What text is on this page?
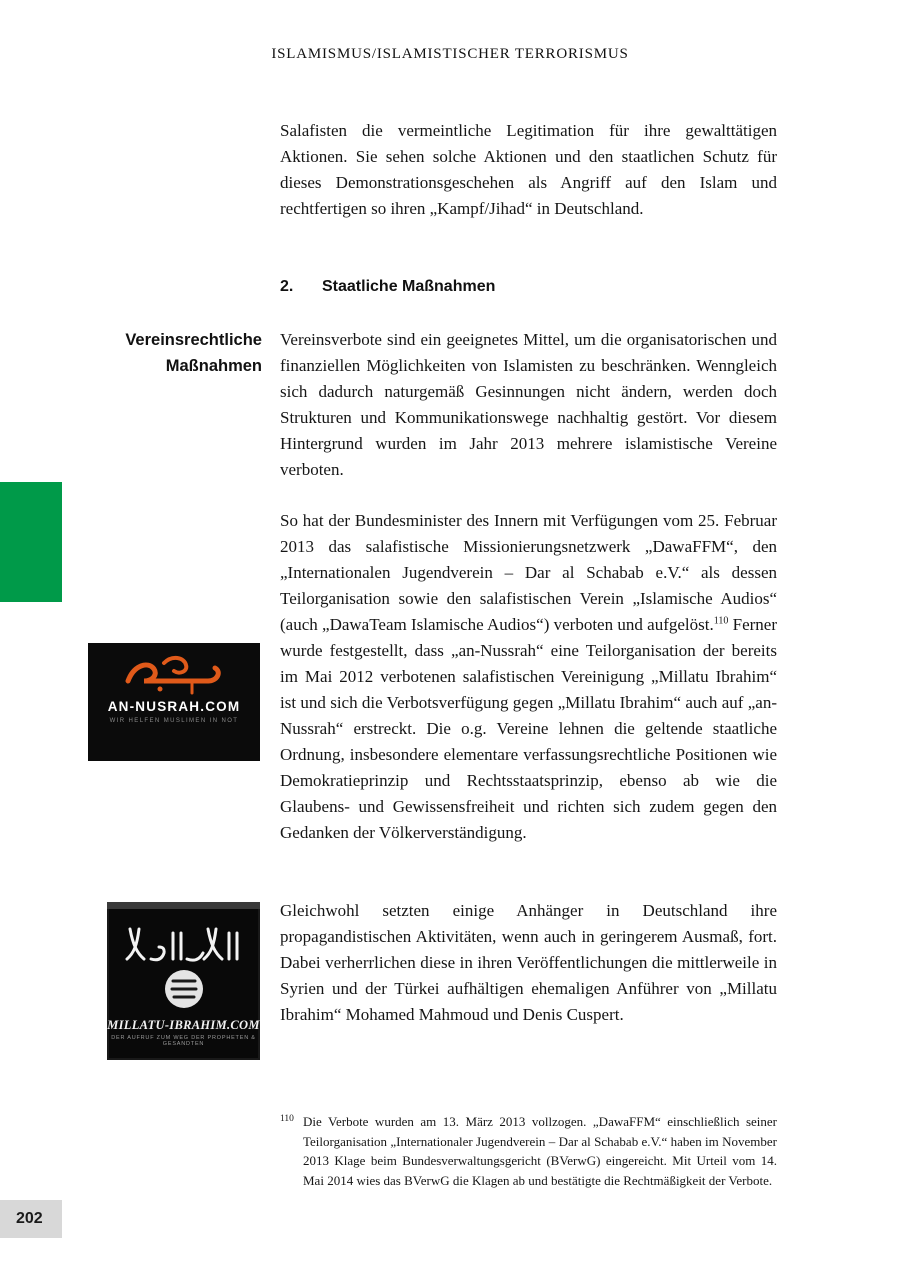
ISLAMISMUS/ISLAMISTISCHER TERRORISMUS
Salafisten die vermeintliche Legitimation für ihre gewalttätigen Aktionen. Sie sehen solche Aktionen und den staatlichen Schutz für dieses Demonstrationsgeschehen als Angriff auf den Islam und rechtfertigen so ihren „Kampf/Jihad“ in Deutschland.
2. Staatliche Maßnahmen
Vereinsrechtliche
Maßnahmen
Vereinsverbote sind ein geeignetes Mittel, um die organisatorischen und finanziellen Möglichkeiten von Islamisten zu beschränken. Wenngleich sich dadurch naturgemäß Gesinnungen nicht ändern, werden doch Strukturen und Kommunikationswege nachhaltig gestört. Vor diesem Hintergrund wurden im Jahr 2013 mehrere islamistische Vereine verboten.
So hat der Bundesminister des Innern mit Verfügungen vom 25. Februar 2013 das salafistische Missionierungsnetzwerk „DawaFFM“, den „Internationalen Jugendverein – Dar al Schabab e.V.“ als dessen Teilorganisation sowie den salafistischen Verein „Islamische Audios“ (auch „DawaTeam Islamische Audios“) verboten und aufgelöst.$^{110}$ Ferner wurde festgestellt, dass „an-Nussrah“ eine Teilorganisation der bereits im Mai 2012 verbotenen salafistischen Vereinigung „Millatu Ibrahim“ ist und sich die Verbotsverfügung gegen „Millatu Ibrahim“ auch auf „an-Nussrah“ erstreckt. Die o.g. Vereine lehnen die geltende staatliche Ordnung, insbesondere elementare verfassungsrechtliche Positionen wie Demokratieprinzip und Rechtsstaatsprinzip, ebenso ab wie die Glaubens- und Gewissensfreiheit und richten sich zudem gegen den Gedanken der Völkerverständigung.
Gleichwohl setzten einige Anhänger in Deutschland ihre propagandistischen Aktivitäten, wenn auch in geringerem Ausmaß, fort. Dabei verherrlichen diese in ihren Veröffentlichungen die mittlerweile in Syrien und der Türkei aufhältigen ehemaligen Anführer von „Millatu Ibrahim“ Mohamed Mahmoud und Denis Cuspert.
AN-NUSRAH.COM
WIR HELFEN MUSLIMEN IN NOT
MILLATU-IBRAHIM.COM
DER AUFRUF ZUM WEG DER PROPHETEN & GESANDTEN
110 Die Verbote wurden am 13. März 2013 vollzogen. „DawaFFM“ einschließlich seiner Teilorganisation „Internationaler Jugendverein – Dar al Schabab e.V.“ haben im November 2013 Klage beim Bundesverwaltungsgericht (BVerwG) eingereicht. Mit Urteil vom 14. Mai 2014 wies das BVerwG die Klagen ab und bestätigte die Rechtmäßigkeit der Verbote.
202
